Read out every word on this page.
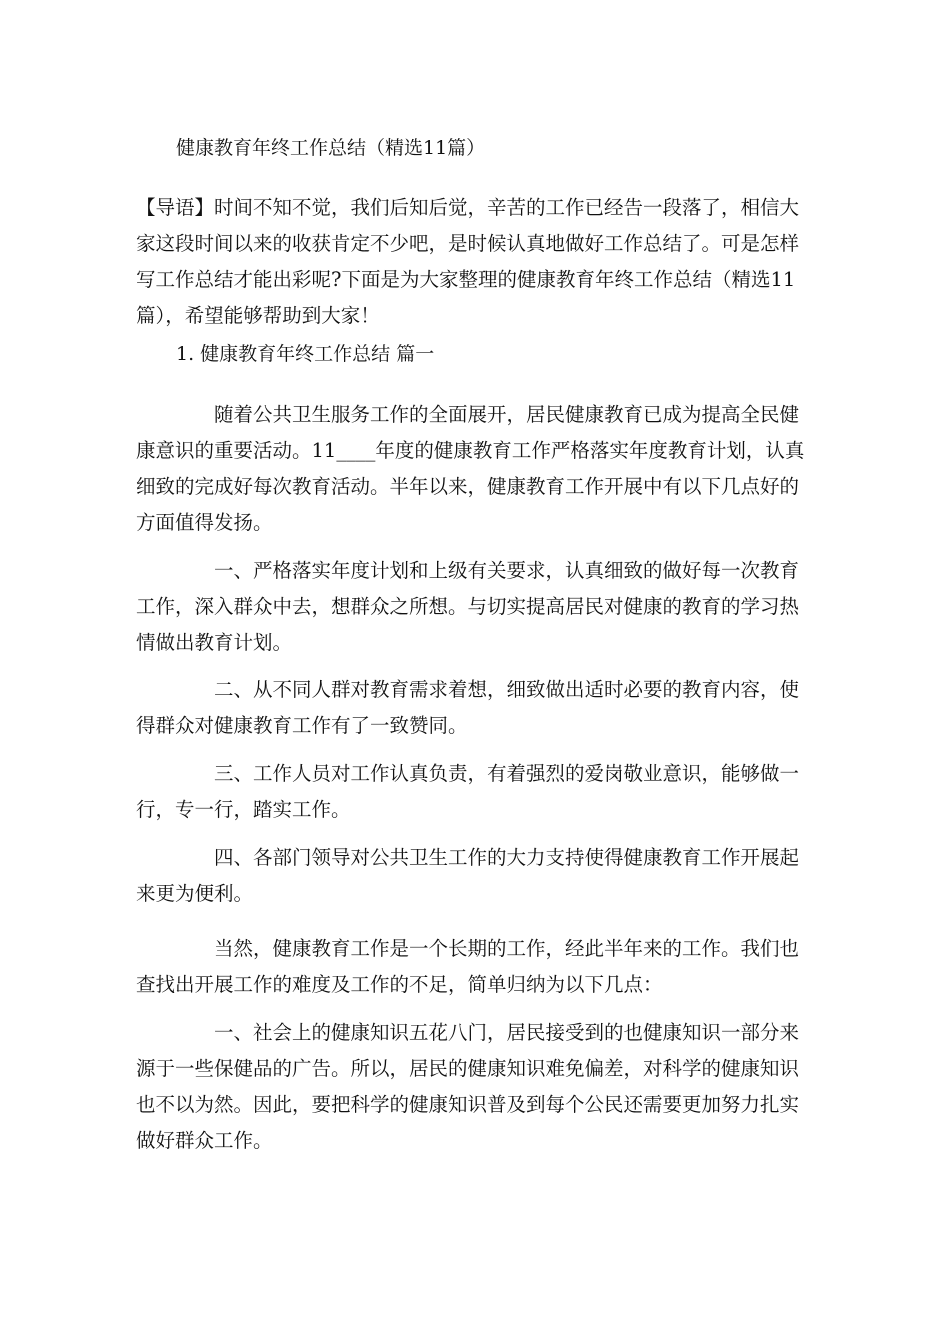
健康教育年终工作总结（精选11篇）

【导语】时间不知不觉，我们后知后觉，辛苦的工作已经告一段落了，相信大家这段时间以来的收获肯定不少吧，是时候认真地做好工作总结了。可是怎样写工作总结才能出彩呢?下面是为大家整理的健康教育年终工作总结（精选11篇），希望能够帮助到大家！

1. 健康教育年终工作总结 篇一

随着公共卫生服务工作的全面展开，居民健康教育已成为提高全民健康意识的重要活动。11____年度的健康教育工作严格落实年度教育计划，认真细致的完成好每次教育活动。半年以来，健康教育工作开展中有以下几点好的方面值得发扬。

一、严格落实年度计划和上级有关要求，认真细致的做好每一次教育工作，深入群众中去，想群众之所想。与切实提高居民对健康的教育的学习热情做出教育计划。

二、从不同人群对教育需求着想，细致做出适时必要的教育内容，使得群众对健康教育工作有了一致赞同。

三、工作人员对工作认真负责，有着强烈的爱岗敬业意识，能够做一行，专一行，踏实工作。

四、各部门领导对公共卫生工作的大力支持使得健康教育工作开展起来更为便利。

当然，健康教育工作是一个长期的工作，经此半年来的工作。我们也查找出开展工作的难度及工作的不足，简单归纳为以下几点：

一、社会上的健康知识五花八门，居民接受到的也健康知识一部分来源于一些保健品的广告。所以，居民的健康知识难免偏差，对科学的健康知识也不以为然。因此，要把科学的健康知识普及到每个公民还需要更加努力扎实做好群众工作。
